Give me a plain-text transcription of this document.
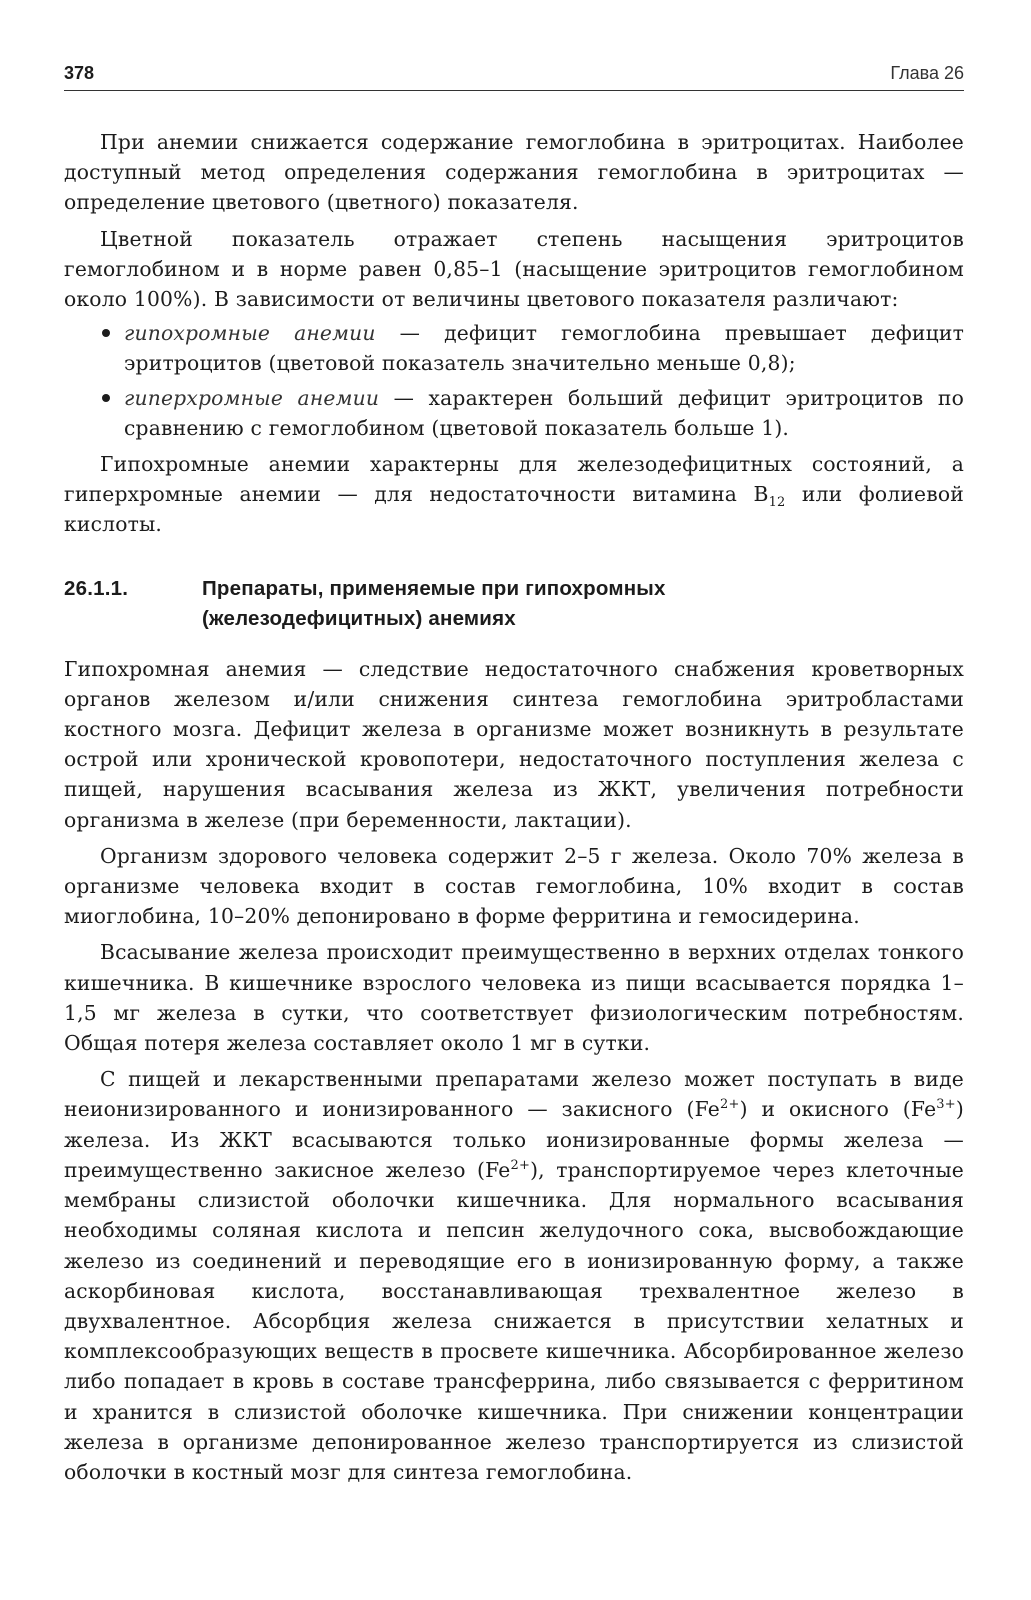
378	Глава 26

При анемии снижается содержание гемоглобина в эритроцитах. Наиболее доступный метод определения содержания гемоглобина в эритроцитах — определение цветового (цветного) показателя.

Цветной показатель отражает степень насыщения эритроцитов гемоглобином и в норме равен 0,85–1 (насыщение эритроцитов гемоглобином около 100%). В зависимости от величины цветового показателя различают:

гипохромные анемии — дефицит гемоглобина превышает дефицит эритроцитов (цветовой показатель значительно меньше 0,8);
гиперхромные анемии — характерен больший дефицит эритроцитов по сравнению с гемоглобином (цветовой показатель больше 1).

Гипохромные анемии характерны для железодефицитных состояний, а гиперхромные анемии — для недостаточности витамина $B_{12}$ или фолиевой кислоты.

26.1.1.	Препараты, применяемые при гипохромных
(железодефицитных) анемиях

Гипохромная анемия — следствие недостаточного снабжения кроветворных органов железом и/или снижения синтеза гемоглобина эритробластами костного мозга. Дефицит железа в организме может возникнуть в результате острой или хронической кровопотери, недостаточного поступления железа с пищей, нарушения всасывания железа из ЖКТ, увеличения потребности организма в железе (при беременности, лактации).

Организм здорового человека содержит 2–5 г железа. Около 70% железа в организме человека входит в состав гемоглобина, 10% входит в состав миоглобина, 10–20% депонировано в форме ферритина и гемосидерина.

Всасывание железа происходит преимущественно в верхних отделах тонкого кишечника. В кишечнике взрослого человека из пищи всасывается порядка 1–1,5 мг железа в сутки, что соответствует физиологическим потребностям. Общая потеря железа составляет около 1 мг в сутки.

С пищей и лекарственными препаратами железо может поступать в виде неионизированного и ионизированного — закисного $(Fe^{2+})$ и окисного $(Fe^{3+})$ железа. Из ЖКТ всасываются только ионизированные формы железа — преимущественно закисное железо $(Fe^{2+})$, транспортируемое через клеточные мембраны слизистой оболочки кишечника. Для нормального всасывания необходимы соляная кислота и пепсин желудочного сока, высвобождающие железо из соединений и переводящие его в ионизированную форму, а также аскорбиновая кислота, восстанавливающая трехвалентное железо в двухвалентное. Абсорбция железа снижается в присутствии хелатных и комплексообразующих веществ в просвете кишечника. Абсорбированное железо либо попадает в кровь в составе трансферрина, либо связывается с ферритином и хранится в слизистой оболочке кишечника. При снижении концентрации железа в организме депонированное железо транспортируется из слизистой оболочки в костный мозг для синтеза гемоглобина.
